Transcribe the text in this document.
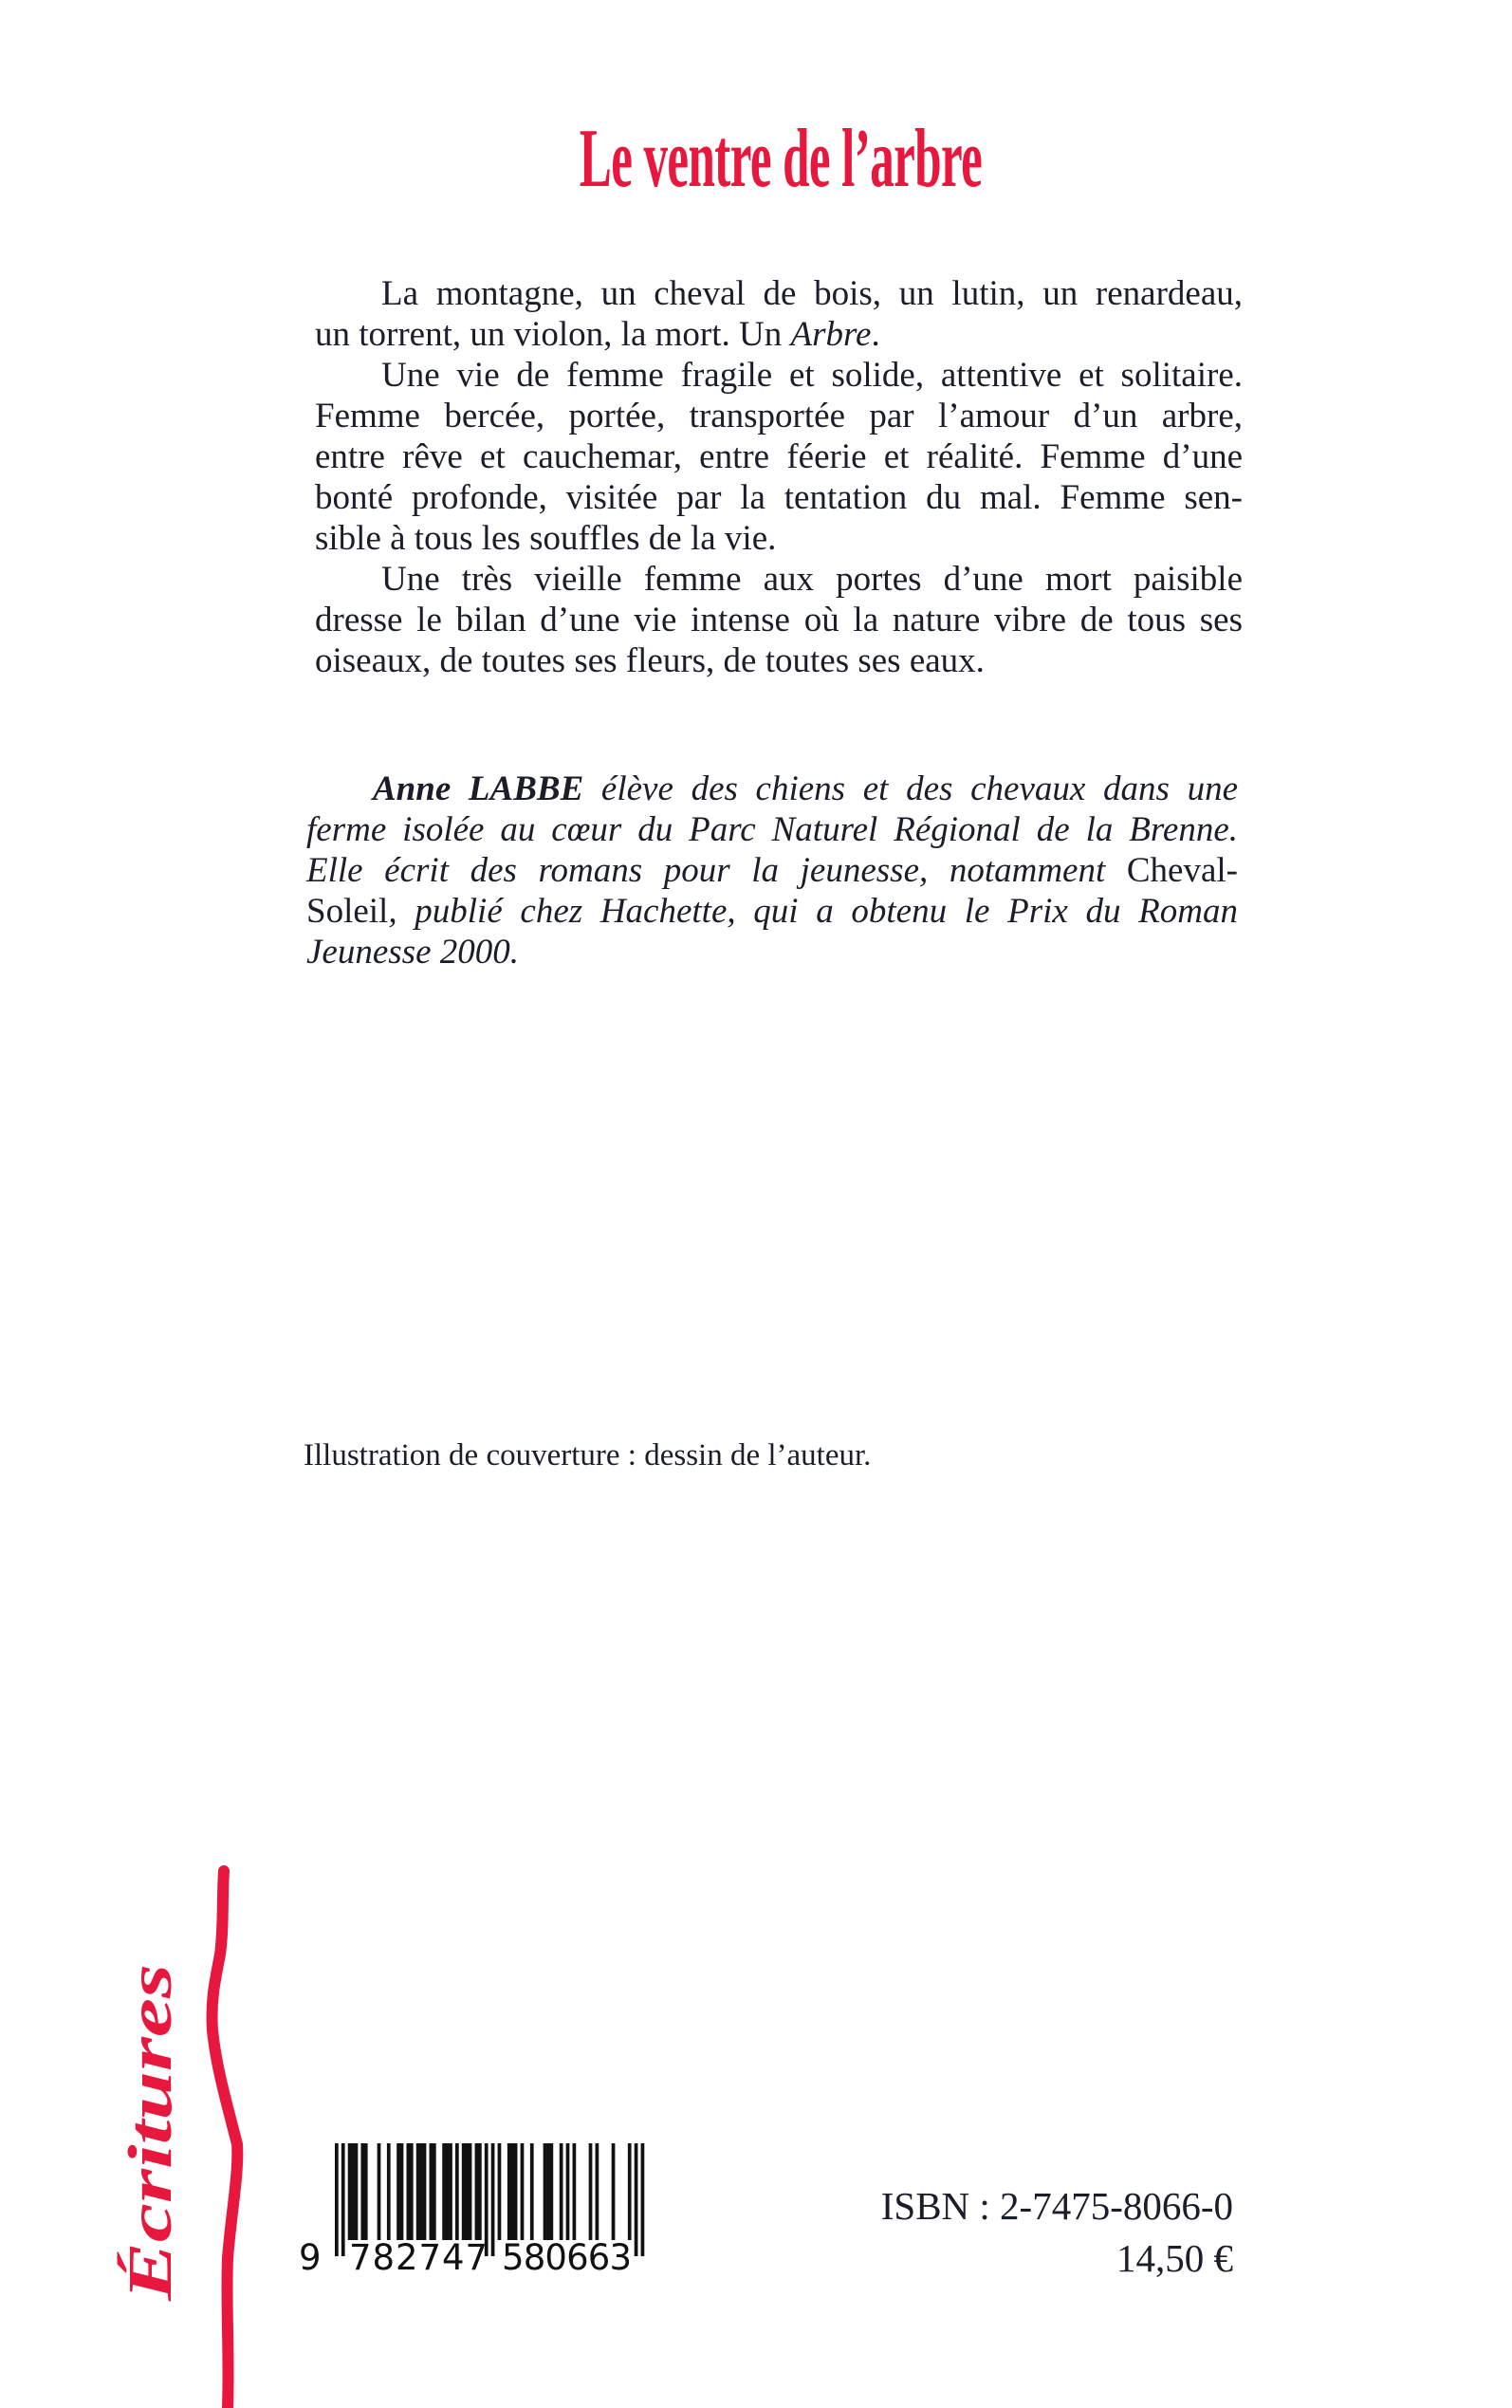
Le ventre de l’arbre
La montagne, un cheval de bois, un lutin, un renardeau,
un torrent, un violon, la mort. Un Arbre.
Une vie de femme fragile et solide, attentive et solitaire.
Femme bercée, portée, transportée par l’amour d’un arbre,
entre rêve et cauchemar, entre féerie et réalité. Femme d’une
bonté profonde, visitée par la tentation du mal. Femme sen-
sible à tous les souffles de la vie.
Une très vieille femme aux portes d’une mort paisible
dresse le bilan d’une vie intense où la nature vibre de tous ses
oiseaux, de toutes ses fleurs, de toutes ses eaux.
Anne LABBE élève des chiens et des chevaux dans une
ferme isolée au cœur du Parc Naturel Régional de la Brenne.
Elle écrit des romans pour la jeunesse, notamment Cheval-
Soleil, publié chez Hachette, qui a obtenu le Prix du Roman
Jeunesse 2000.
Illustration de couverture : dessin de l’auteur.
Écritures	9 782747 580663
ISBN : 2-7475-8066-0
14,50 €
